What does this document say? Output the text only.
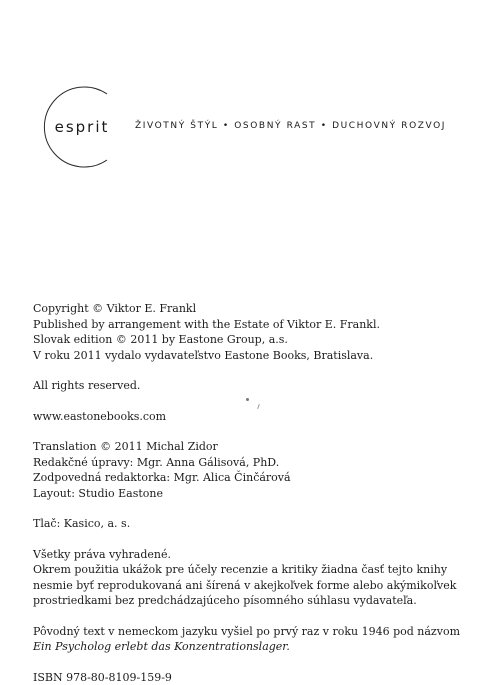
esprit	ŽIVOTNÝ ŠTÝL • OSOBNÝ RAST • DUCHOVNÝ ROZVOJ
Copyright © Viktor E. Frankl
Published by arrangement with the Estate of Viktor E. Frankl.
Slovak edition © 2011 by Eastone Group, a.s.
V roku 2011 vydalo vydavateľstvo Eastone Books, Bratislava.
All rights reserved.
www.eastonebooks.com
Translation © 2011 Michal Zidor
Redakčné úpravy: Mgr. Anna Gálisová, PhD.
Zodpovedná redaktorka: Mgr. Alica Činčárová
Layout: Studio Eastone
Tlač: Kasico, a. s.
Všetky práva vyhradené.
Okrem použitia ukážok pre účely recenzie a kritiky žiadna časť tejto knihy
nesmie byť reprodukovaná ani šírená v akejkoľvek forme alebo akýmikoľvek
prostriedkami bez predchádzajúceho písomného súhlasu vydavateľa.
Pôvodný text v nemeckom jazyku vyšiel po prvý raz v roku 1946 pod názvom
Ein Psycholog erlebt das Konzentrationslager.
ISBN 978-80-8109-159-9
